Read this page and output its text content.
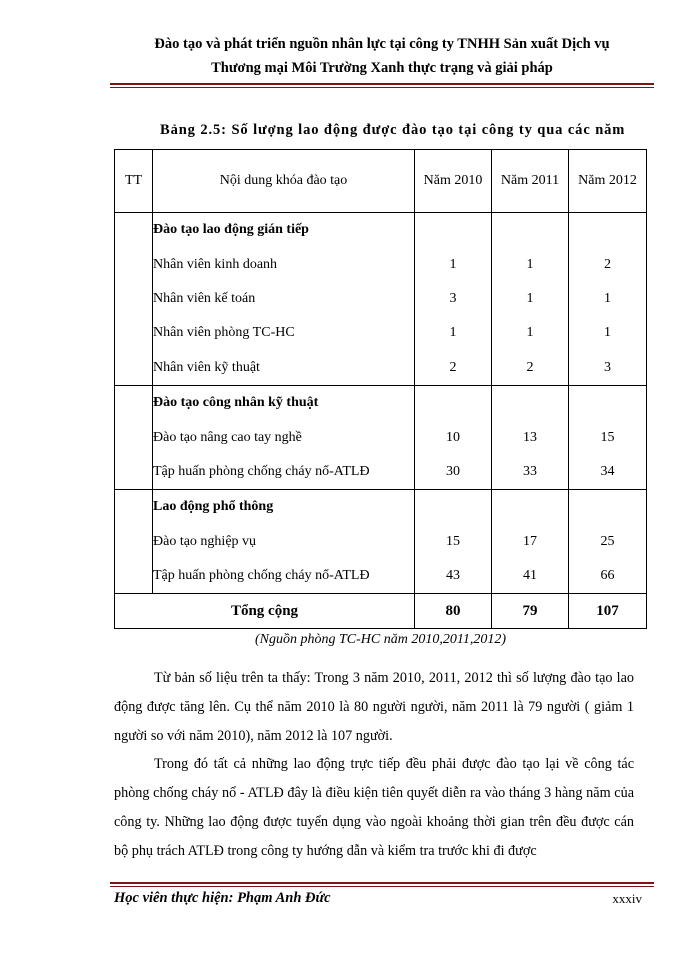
Đào tạo và phát triển nguồn nhân lực tại công ty TNHH Sản xuất Dịch vụ
Thương mại Môi Trường Xanh thực trạng và giải pháp
Bảng 2.5: Số lượng lao động được đào tạo tại công ty qua các năm
TT	Nội dung khóa đào tạo	Năm 2010	Năm 2011	Năm 2012
	Đào tạo lao động gián tiếp			
	Nhân viên kinh doanh	1	1	2
	Nhân viên kế toán	3	1	1
	Nhân viên phòng TC-HC	1	1	1
	Nhân viên kỹ thuật	2	2	3
	Đào tạo công nhân kỹ thuật			
	Đào tạo nâng cao tay nghề	10	13	15
	Tập huấn phòng chống cháy nổ-ATLĐ	30	33	34
	Lao động phổ thông			
	Đào tạo nghiệp vụ	15	17	25
	Tập huấn phòng chống cháy nổ-ATLĐ	43	41	66
Tổng cộng		80	79	107
(Nguồn phòng TC-HC năm 2010,2011,2012)
Từ bản số liệu trên ta thấy: Trong 3 năm 2010, 2011, 2012 thì số lượng đào tạo lao động được tăng lên. Cụ thể năm 2010 là 80 người người, năm 2011 là 79 người ( giảm 1 người so với năm 2010), năm 2012 là 107 người.
Trong đó tất cả những lao động trực tiếp đều phải được đào tạo lại về công tác phòng chống cháy nổ - ATLĐ đây là điều kiện tiên quyết diễn ra vào tháng 3 hàng năm của công ty. Những lao động được tuyển dụng vào ngoài khoảng thời gian trên đều được cán bộ phụ trách ATLĐ trong công ty hướng dẫn và kiểm tra trước khi đi được
Học viên thực hiện: Phạm Anh Đức	xxxiv
